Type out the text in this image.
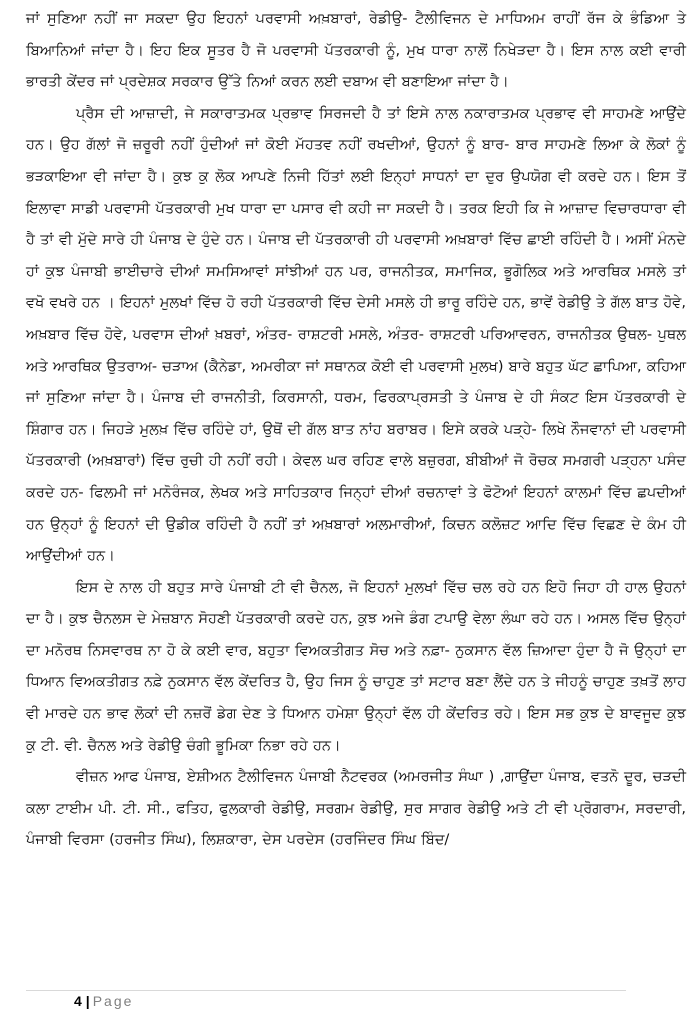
ਜਾਂ ਸੁਣਿਆ ਨਹੀਂ ਜਾ ਸਕਦਾ ਉਹ ਇਹਨਾਂ ਪਰਵਾਸੀ ਅਖ਼ਬਾਰਾਂ, ਰੇਡੀਉ- ਟੈਲੀਵਿਜਨ ਦੇ ਮਾਧਿਅਮ ਰਾਹੀਂ ਰੱਜ ਕੇ ਭੰਡਿਆ ਤੇ ਬਿਆਨਿਆਂ ਜਾਂਦਾ ਹੈ। ਇਹ ਇਕ ਸੂਤਰ ਹੈ ਜੋ ਪਰਵਾਸੀ ਪੱਤਰਕਾਰੀ ਨੂੰ, ਮੁਖ ਧਾਰਾ ਨਾਲੋਂ ਨਿਖੇੜਦਾ ਹੈ। ਇਸ ਨਾਲ ਕਈ ਵਾਰੀ ਭਾਰਤੀ ਕੇਂਦਰ ਜਾਂ ਪ੍ਰਦੇਸ਼ਕ ਸਰਕਾਰ ਉੱਤੇ ਨਿਆਂ ਕਰਨ ਲਈ ਦਬਾਅ ਵੀ ਬਣਾਇਆ ਜਾਂਦਾ ਹੈ।

ਪ੍ਰੈਸ ਦੀ ਆਜ਼ਾਦੀ, ਜੇ ਸਕਾਰਾਤਮਕ ਪ੍ਰਭਾਵ ਸਿਰਜਦੀ ਹੈ ਤਾਂ ਇਸੇ ਨਾਲ ਨਕਾਰਾਤਮਕ ਪ੍ਰਭਾਵ ਵੀ ਸਾਹਮਣੇ ਆਉਂਦੇ ਹਨ। ਉਹ ਗੱਲਾਂ ਜੋ ਜ਼ਰੂਰੀ ਨਹੀਂ ਹੁੰਦੀਆਂ ਜਾਂ ਕੋਈ ਮੱਹਤਵ ਨਹੀਂ ਰਖਦੀਆਂ, ਉਹਨਾਂ ਨੂੰ ਬਾਰ- ਬਾਰ ਸਾਹਮਣੇ ਲਿਆ ਕੇ ਲੋਕਾਂ ਨੂੰ ਭੜਕਾਇਆ ਵੀ ਜਾਂਦਾ ਹੈ। ਕੁਝ ਕੁ ਲੋਕ ਆਪਣੇ ਨਿਜੀ ਹਿੱਤਾਂ ਲਈ ਇਨ੍ਹਾਂ ਸਾਧਨਾਂ ਦਾ ਦੁਰ ਉਪਯੋਗ ਵੀ ਕਰਦੇ ਹਨ। ਇਸ ਤੋਂ ਇਲਾਵਾ ਸਾਡੀ ਪਰਵਾਸੀ ਪੱਤਰਕਾਰੀ ਮੁਖ ਧਾਰਾ ਦਾ ਪਸਾਰ ਵੀ ਕਹੀ ਜਾ ਸਕਦੀ ਹੈ। ਤਰਕ ਇਹੀ ਕਿ ਜੇ ਆਜ਼ਾਦ ਵਿਚਾਰਧਾਰਾ ਵੀ ਹੈ ਤਾਂ ਵੀ ਮੁੱਦੇ ਸਾਰੇ ਹੀ ਪੰਜਾਬ ਦੇ ਹੁੰਦੇ ਹਨ। ਪੰਜਾਬ ਦੀ ਪੱਤਰਕਾਰੀ ਹੀ ਪਰਵਾਸੀ ਅਖ਼ਬਾਰਾਂ ਵਿੱਚ ਛਾਈ ਰਹਿੰਦੀ ਹੈ। ਅਸੀਂ ਮੰਨਦੇ ਹਾਂ ਕੁਝ ਪੰਜਾਬੀ ਭਾਈਚਾਰੇ ਦੀਆਂ ਸਮਸਿਆਵਾਂ ਸਾਂਝੀਆਂ ਹਨ ਪਰ, ਰਾਜਨੀਤਕ, ਸਮਾਜਿਕ, ਭੂਗੋਲਿਕ ਅਤੇ ਆਰਥਿਕ ਮਸਲੇ ਤਾਂ ਵਖੋ ਵਖਰੇ ਹਨ । ਇਹਨਾਂ ਮੁਲਖਾਂ ਵਿੱਚ ਹੋ ਰਹੀ ਪੱਤਰਕਾਰੀ ਵਿੱਚ ਦੇਸੀ ਮਸਲੇ ਹੀ ਭਾਰੂ ਰਹਿੰਦੇ ਹਨ, ਭਾਵੇਂ ਰੇਡੀਉ ਤੇ ਗੱਲ ਬਾਤ ਹੋਵੇ, ਅਖ਼ਬਾਰ ਵਿੱਚ ਹੋਵੇ, ਪਰਵਾਸ ਦੀਆਂ ਖ਼ਬਰਾਂ, ਅੰਤਰ- ਰਾਸ਼ਟਰੀ ਮਸਲੇ, ਅੰਤਰ- ਰਾਸ਼ਟਰੀ ਪਰਿਆਵਰਨ, ਰਾਜਨੀਤਕ ਉਥਲ- ਪੁਥਲ ਅਤੇ ਆਰਥਿਕ ਉਤਰਾਅ- ਚੜਾਅ (ਕੈਨੇਡਾ, ਅਮਰੀਕਾ ਜਾਂ ਸਥਾਨਕ ਕੋਈ ਵੀ ਪਰਵਾਸੀ ਮੁਲਖ) ਬਾਰੇ ਬਹੁਤ ਘੱਟ ਛਾਪਿਆ, ਕਹਿਆ ਜਾਂ ਸੁਣਿਆ ਜਾਂਦਾ ਹੈ। ਪੰਜਾਬ ਦੀ ਰਾਜਨੀਤੀ, ਕਿਰਸਾਨੀ, ਧਰਮ, ਫਿਰਕਾਪ੍ਰਸਤੀ ਤੇ ਪੰਜਾਬ ਦੇ ਹੀ ਸੰਕਟ ਇਸ ਪੱਤਰਕਾਰੀ ਦੇ ਸ਼ਿੰਗਾਰ ਹਨ। ਜਿਹੜੇ ਮੁਲਖ਼ ਵਿੱਚ ਰਹਿੰਦੇ ਹਾਂ, ਉਥੋਂ ਦੀ ਗੱਲ ਬਾਤ ਨਾਂਹ ਬਰਾਬਰ। ਇਸੇ ਕਰਕੇ ਪੜ੍ਹੇ- ਲਿਖੇ ਨੌਜਵਾਨਾਂ ਦੀ ਪਰਵਾਸੀ ਪੱਤਰਕਾਰੀ (ਅਖ਼ਬਾਰਾਂ) ਵਿੱਚ ਰੁਚੀ ਹੀ ਨਹੀਂ ਰਹੀ। ਕੇਵਲ ਘਰ ਰਹਿਣ ਵਾਲੇ ਬਜ਼ੁਰਗ, ਬੀਬੀਆਂ ਜੋ ਰੋਚਕ ਸਮਗਰੀ ਪੜ੍ਹਨਾ ਪਸੰਦ ਕਰਦੇ ਹਨ- ਫਿਲਮੀ ਜਾਂ ਮਨੋਰੰਜਕ, ਲੇਖਕ ਅਤੇ ਸਾਹਿਤਕਾਰ ਜਿਨ੍ਹਾਂ ਦੀਆਂ ਰਚਨਾਵਾਂ ਤੇ ਫੋਟੋਆਂ ਇਹਨਾਂ ਕਾਲਮਾਂ ਵਿੱਚ ਛਪਦੀਆਂ ਹਨ ਉਨ੍ਹਾਂ ਨੂੰ ਇਹਨਾਂ ਦੀ ਉਡੀਕ ਰਹਿੰਦੀ ਹੈ ਨਹੀਂ ਤਾਂ ਅਖ਼ਬਾਰਾਂ ਅਲਮਾਰੀਆਂ, ਕਿਚਨ ਕਲੋਜ਼ਟ ਆਦਿ ਵਿੱਚ ਵਿਛਣ ਦੇ ਕੰਮ ਹੀ ਆਉਂਦੀਆਂ ਹਨ।

ਇਸ ਦੇ ਨਾਲ ਹੀ ਬਹੁਤ ਸਾਰੇ ਪੰਜਾਬੀ ਟੀ ਵੀ ਚੈਨਲ, ਜੋ ਇਹਨਾਂ ਮੁਲਖਾਂ ਵਿੱਚ ਚਲ ਰਹੇ ਹਨ ਇਹੋ ਜਿਹਾ ਹੀ ਹਾਲ ਉਹਨਾਂ ਦਾ ਹੈ। ਕੁਝ ਚੈਨਲਸ ਦੇ ਮੇਜ਼ਬਾਨ ਸੋਹਣੀ ਪੱਤਰਕਾਰੀ ਕਰਦੇ ਹਨ, ਕੁਝ ਅਜੇ ਡੰਗ ਟਪਾਉ ਵੇਲਾ ਲੰਘਾ ਰਹੇ ਹਨ। ਅਸਲ ਵਿੱਚ ਉਨ੍ਹਾਂ ਦਾ ਮਨੋਰਥ ਨਿਸਵਾਰਥ ਨਾ ਹੋ ਕੇ ਕਈ ਵਾਰ, ਬਹੁਤਾ ਵਿਅਕਤੀਗਤ ਸੋਚ ਅਤੇ ਨਫ਼ਾ- ਨੁਕਸਾਨ ਵੱਲ ਜ਼ਿਆਦਾ ਹੁੰਦਾ ਹੈ ਜੋ ਉਨ੍ਹਾਂ ਦਾ ਧਿਆਨ ਵਿਅਕਤੀਗਤ ਨਫ਼ੇ ਨੁਕਸਾਨ ਵੱਲ ਕੇਂਦਰਿਤ ਹੈ, ਉਹ ਜਿਸ ਨੂੰ ਚਾਹੁਣ ਤਾਂ ਸਟਾਰ ਬਣਾ ਲੈਂਦੇ ਹਨ ਤੇ ਜੀਹਨੂੰ ਚਾਹੁਣ ਤਖ਼ਤੋਂ ਲਾਹ ਵੀ ਮਾਰਦੇ ਹਨ ਭਾਵ ਲੋਕਾਂ ਦੀ ਨਜ਼ਰੋਂ ਡੇਗ ਦੇਣ ਤੇ ਧਿਆਨ ਹਮੇਸ਼ਾ ਉਨ੍ਹਾਂ ਵੱਲ ਹੀ ਕੇਂਦਰਿਤ ਰਹੇ। ਇਸ ਸਭ ਕੁਝ ਦੇ ਬਾਵਜੂਦ ਕੁਝ ਕੁ ਟੀ. ਵੀ. ਚੈਨਲ ਅਤੇ ਰੇਡੀਉ ਚੰਗੀ ਭੂਮਿਕਾ ਨਿਭਾ ਰਹੇ ਹਨ।

ਵੀਜ਼ਨ ਆਫ ਪੰਜਾਬ, ਏਸ਼ੀਅਨ ਟੈਲੀਵਿਜਨ ਪੰਜਾਬੀ ਨੈਟਵਰਕ (ਅਮਰਜੀਤ ਸੰਘਾ ) ,ਗਾਉਂਦਾ ਪੰਜਾਬ, ਵਤਨੋ ਦੂਰ, ਚੜਦੀ ਕਲਾ ਟਾਈਮ ਪੀ. ਟੀ. ਸੀ., ਫਤਿਹ, ਫੁਲਕਾਰੀ ਰੇਡੀਉ, ਸਰਗਮ ਰੇਡੀਉ, ਸੁਰ ਸਾਗਰ ਰੇਡੀਉ ਅਤੇ ਟੀ ਵੀ ਪ੍ਰੋਗਰਾਮ, ਸਰਦਾਰੀ, ਪੰਜਾਬੀ ਵਿਰਸਾ (ਹਰਜੀਤ ਸਿੰਘ), ਲਿਸ਼ਕਾਰਾ, ਦੇਸ ਪਰਦੇਸ (ਹਰਜਿੰਦਰ ਸਿੰਘ ਬਿੰਦ/

4 | Page
